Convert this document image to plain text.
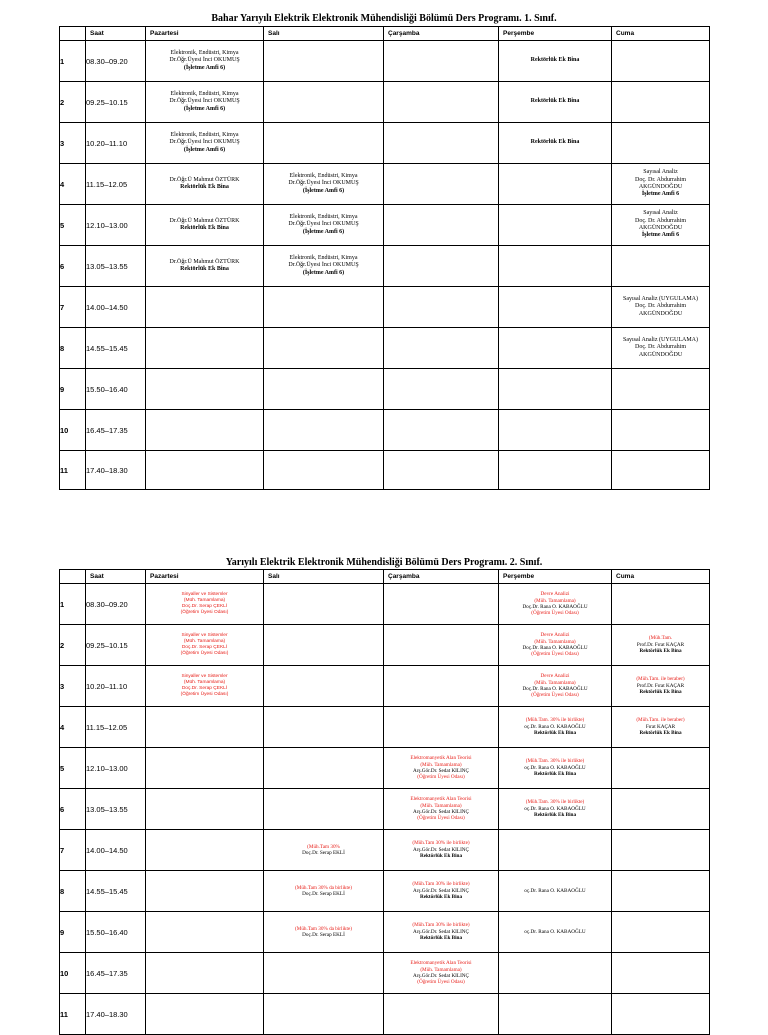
Bahar Yarıyılı Elektrik Elektronik Mühendisliği Bölümü Ders Programı. 1. Sınıf.
	Saat	Pazartesi	Salı	Çarşamba	Perşembe	Cuma
1	08.30–09.20	Elektronik, Endüstri, Kimya
Dr.Öğr.Üyesi İnci OKUMUŞ
(İşletme Amfi 6)			Rektörlük Ek Bina	

2	09.25–10.15	Elektronik, Endüstri, Kimya
Dr.Öğr.Üyesi İnci OKUMUŞ
(İşletme Amfi 6)			Rektörlük Ek Bina	

3	10.20–11.10	Elektronik, Endüstri, Kimya
Dr.Öğr.Üyesi İnci OKUMUŞ
(İşletme Amfi 6)			Rektörlük Ek Bina	

4	11.15–12.05	Dr.Öğr.Ü Mahmut ÖZTÜRK
Rektörlük Ek Bina	Elektronik, Endüstri, Kimya
Dr.Öğr.Üyesi İnci OKUMUŞ
(İşletme Amfi 6)			Sayısal Analiz
Doç. Dr. Abdurrahim
AKGÜNDOĞDU
İşletme Amfi 6

5	12.10–13.00	Dr.Öğr.Ü Mahmut ÖZTÜRK
Rektörlük Ek Bina	Elektronik, Endüstri, Kimya
Dr.Öğr.Üyesi İnci OKUMUŞ
(İşletme Amfi 6)			Sayısal Analiz
Doç. Dr. Abdurrahim
AKGÜNDOĞDU
İşletme Amfi 6

6	13.05–13.55	Dr.Öğr.Ü Mahmut ÖZTÜRK
Rektörlük Ek Bina	Elektronik, Endüstri, Kimya
Dr.Öğr.Üyesi İnci OKUMUŞ
(İşletme Amfi 6)			

7	14.00–14.50					Sayısal Analiz (UYGULAMA)
Doç. Dr. Abdurrahim
AKGÜNDOĞDU

8	14.55–15.45					Sayısal Analiz (UYGULAMA)
Doç. Dr. Abdurrahim
AKGÜNDOĞDU

9	15.50–16.40					
10	16.45–17.35					
11	17.40–18.30					
Yarıyılı Elektrik Elektronik Mühendisliği Bölümü Ders Programı. 2. Sınıf.
	Saat	Pazartesi	Salı	Çarşamba	Perşembe	Cuma
1	08.30–09.20	Sinyaller ve Sistemler
(Müh. Tamamlama)
Doç.Dr. Serap ÇEKLİ
(Öğretim Üyesi Odası)			Devre Analizi
(Müh. Tamamlama)
Doç.Dr. Rana O. KABAOĞLU
(Öğretim Üyesi Odası)	

2	09.25–10.15	Sinyaller ve Sistemler
(Müh. Tamamlama)
Doç.Dr. Serap ÇEKLİ
(Öğretim Üyesi Odası)			Devre Analizi
(Müh. Tamamlama)
Doç.Dr. Rana O. KABAOĞLU
(Öğretim Üyesi Odası)	(Müh.Tam.
Prof.Dr. Fırat KAÇAR
Rektörlük Ek Bina

3	10.20–11.10	Sinyaller ve Sistemler
(Müh. Tamamlama)
Doç.Dr. Serap ÇEKLİ
(Öğretim Üyesi Odası)			Devre Analizi
(Müh. Tamamlama)
Doç.Dr. Rana O. KABAOĞLU
(Öğretim Üyesi Odası)	(Müh.Tam. ile beraber)
Prof.Dr. Fırat KAÇAR
Rektörlük Ek Bina

4	11.15–12.05				(Müh.Tam. 30% ile birlikte)
oç.Dr. Rana O. KABAOĞLU
Rektörlük Ek Bina	(Müh.Tam. ile beraber)
Fırat KAÇAR
Rektörlük Ek Bina

5	12.10–13.00			Elektromanyetik Alan Teorisi
(Müh. Tamamlama)
Arş.Gör.Dr. Sedat KILINÇ
(Öğretim Üyesi Odası)	(Müh.Tam. 30% ile birlikte)
oç.Dr. Rana O. KABAOĞLU
Rektörlük Ek Bina	

6	13.05–13.55			Elektromanyetik Alan Teorisi
(Müh. Tamamlama)
Arş.Gör.Dr. Sedat KILINÇ
(Öğretim Üyesi Odası)	(Müh.Tam. 30% ile birlikte)
oç.Dr. Rana O. KABAOĞLU
Rektörlük Ek Bina	

7	14.00–14.50		(Müh.Tam 30%
Doç.Dr. Serap EKLİ	(Müh.Tam 30% ile birlikte)
Arş.Gör.Dr. Sedat KILINÇ
Rektörlük Ek Bina		

8	14.55–15.45		(Müh.Tam 30% da birlikte)
Doç.Dr. Serap EKLİ	(Müh.Tam 30% ile birlikte)
Arş.Gör.Dr. Sedat KILINÇ
Rektörlük Ek Bina	oç.Dr. Rana O. KABAOĞLU	

9	15.50–16.40		(Müh.Tam 30% da birlikte)
Doç.Dr. Serap EKLİ	(Müh.Tam 30% ile birlikte)
Arş.Gör.Dr. Sedat KILINÇ
Rektörlük Ek Bina	oç.Dr. Rana O. KABAOĞLU	

10	16.45–17.35			Elektromanyetik Alan Teorisi
(Müh. Tamamlama)
Arş.Gör.Dr. Sedat KILINÇ
(Öğretim Üyesi Odası)		

11	17.40–18.30					
